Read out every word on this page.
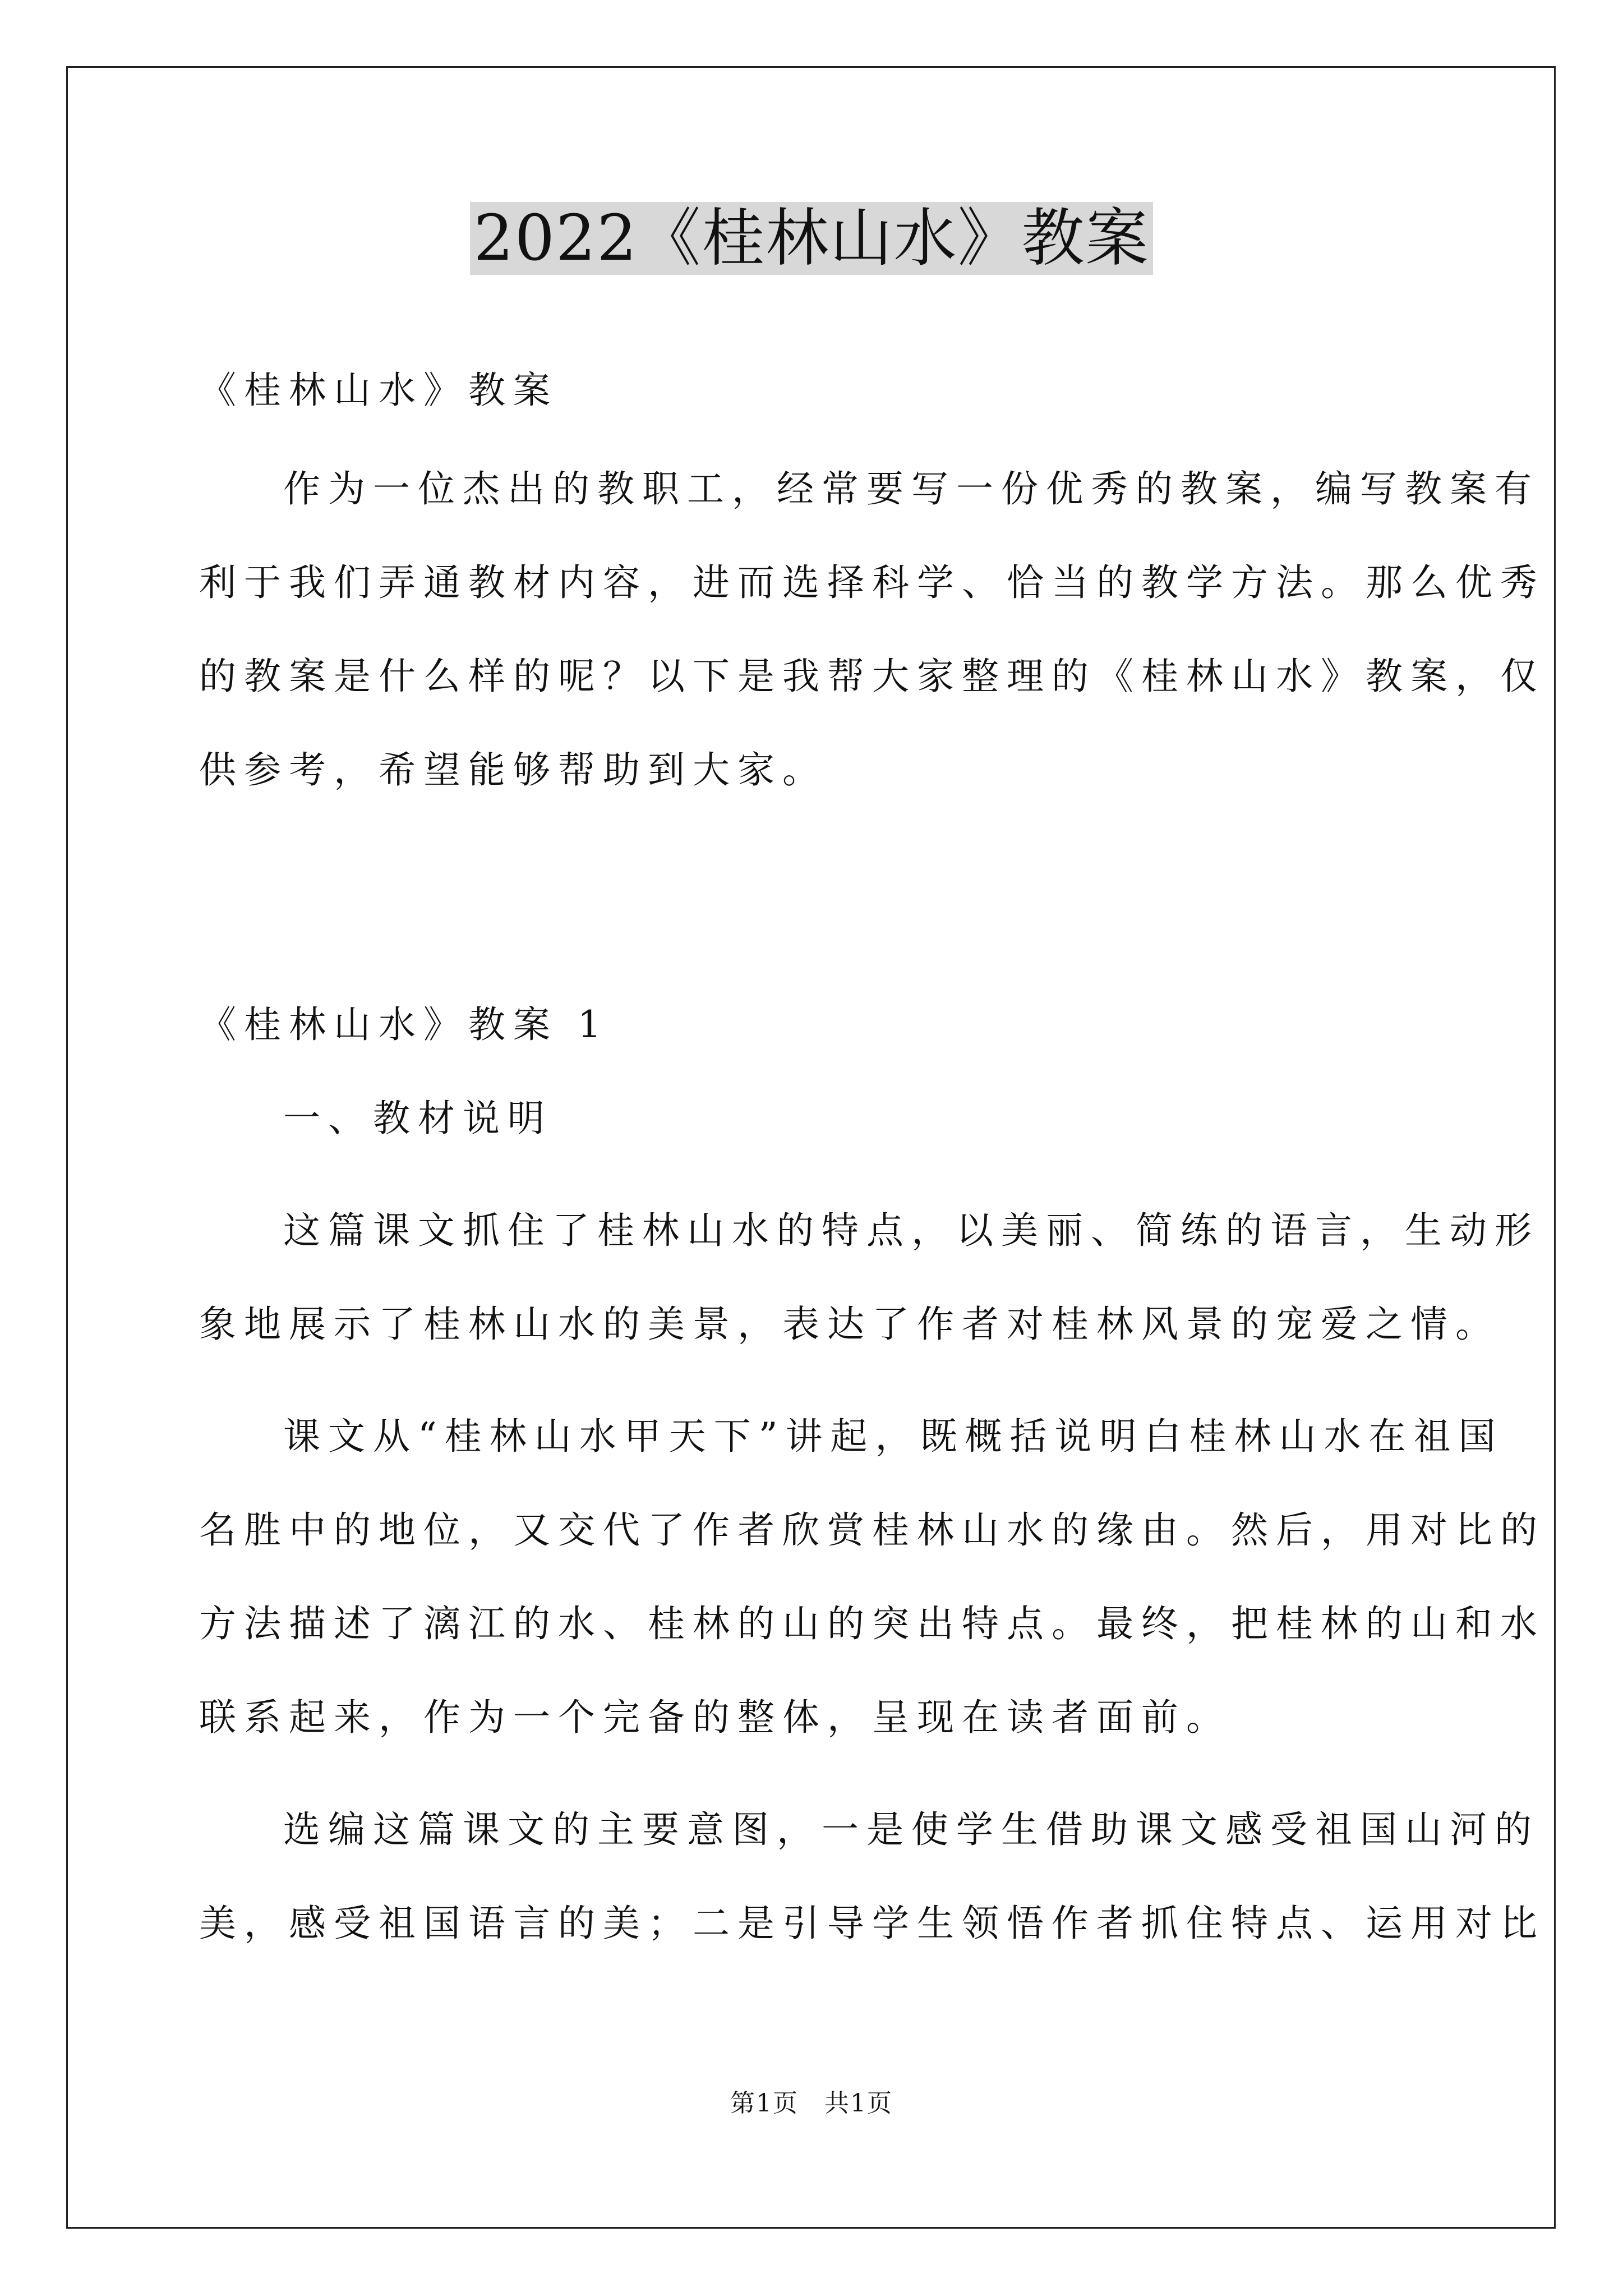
2022《桂林山水》教案
《桂林山水》教案
作为一位杰出的教职工，经常要写一份优秀的教案，编写教案有
利于我们弄通教材内容，进而选择科学、恰当的教学方法。那么优秀
的教案是什么样的呢？以下是我帮大家整理的《桂林山水》教案，仅
供参考，希望能够帮助到大家。
《桂林山水》教案 1
一、教材说明
这篇课文抓住了桂林山水的特点，以美丽、简练的语言，生动形
象地展示了桂林山水的美景，表达了作者对桂林风景的宠爱之情。
课文从“桂林山水甲天下”讲起，既概括说明白桂林山水在祖国
名胜中的地位，又交代了作者欣赏桂林山水的缘由。然后，用对比的
方法描述了漓江的水、桂林的山的突出特点。最终，把桂林的山和水
联系起来，作为一个完备的整体，呈现在读者面前。
选编这篇课文的主要意图，一是使学生借助课文感受祖国山河的
美，感受祖国语言的美；二是引导学生领悟作者抓住特点、运用对比
第1页　共1页
